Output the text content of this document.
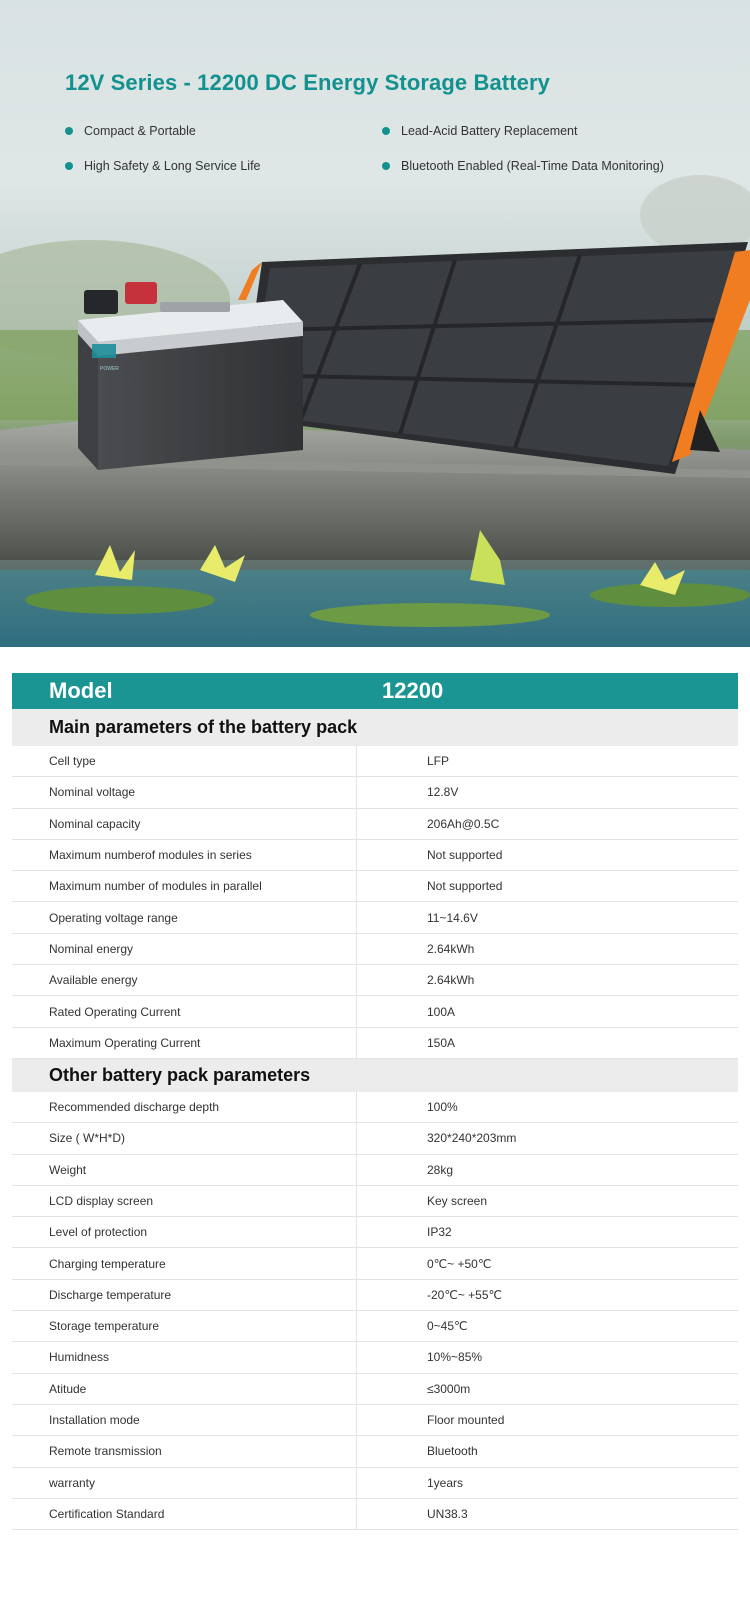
POWER
12V Series - 12200 DC Energy Storage Battery
Compact & Portable	Lead-Acid Battery Replacement
High Safety & Long Service Life	Bluetooth Enabled (Real-Time Data Monitoring)
Model	12200
Main parameters of the battery pack
Cell type	LFP
Nominal voltage	12.8V
Nominal capacity	206Ah@0.5C
Maximum numberof modules in series	Not supported
Maximum number of modules in parallel	Not supported
Operating voltage range	11~14.6V
Nominal energy	2.64kWh
Available energy	2.64kWh
Rated Operating Current	100A
Maximum Operating Current	150A
Other battery pack parameters
Recommended discharge depth	100%
Size ( W*H*D)	320*240*203mm
Weight	28kg
LCD display screen	Key screen
Level of protection	IP32
Charging temperature	0℃~ +50℃
Discharge temperature	-20℃~ +55℃
Storage temperature	0~45℃
Humidness	10%~85%
Atitude	≤3000m
Installation mode	Floor mounted
Remote transmission	Bluetooth
warranty	1years
Certification Standard	UN38.3
